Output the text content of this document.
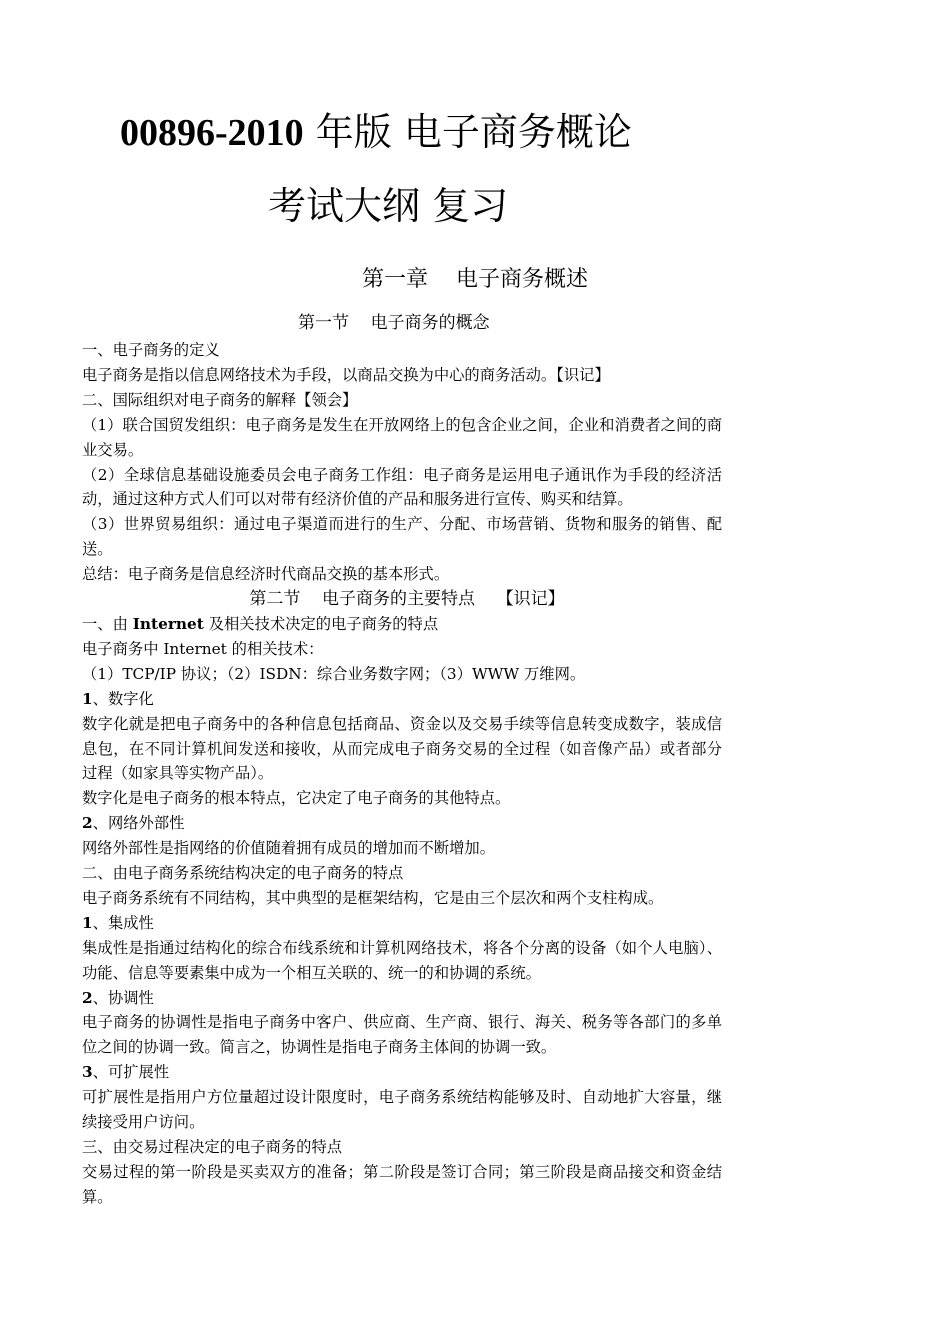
00896-2010 年版 电子商务概论
考试大纲 复习
第一章    电子商务概述
第一节    电子商务的概念

一、电子商务的定义

电子商务是指以信息网络技术为手段，以商品交换为中心的商务活动。【识记】

二、国际组织对电子商务的解释【领会】

（1）联合国贸发组织：电子商务是发生在开放网络上的包含企业之间，企业和消费者之间的商业交易。

（2）全球信息基础设施委员会电子商务工作组：电子商务是运用电子通讯作为手段的经济活动，通过这种方式人们可以对带有经济价值的产品和服务进行宣传、购买和结算。

（3）世界贸易组织：通过电子渠道而进行的生产、分配、市场营销、货物和服务的销售、配送。

总结：电子商务是信息经济时代商品交换的基本形式。

第二节    电子商务的主要特点    【识记】

一、由 Internet 及相关技术决定的电子商务的特点

电子商务中 Internet 的相关技术：

（1）TCP/IP 协议；（2）ISDN：综合业务数字网；（3）WWW 万维网。

1、数字化

数字化就是把电子商务中的各种信息包括商品、资金以及交易手续等信息转变成数字，装成信息包，在不同计算机间发送和接收，从而完成电子商务交易的全过程（如音像产品）或者部分过程（如家具等实物产品）。

数字化是电子商务的根本特点，它决定了电子商务的其他特点。

2、网络外部性

网络外部性是指网络的价值随着拥有成员的增加而不断增加。

二、由电子商务系统结构决定的电子商务的特点

电子商务系统有不同结构，其中典型的是框架结构，它是由三个层次和两个支柱构成。

1、集成性

集成性是指通过结构化的综合布线系统和计算机网络技术，将各个分离的设备（如个人电脑）、功能、信息等要素集中成为一个相互关联的、统一的和协调的系统。

2、协调性

电子商务的协调性是指电子商务中客户、供应商、生产商、银行、海关、税务等各部门的多单位之间的协调一致。简言之，协调性是指电子商务主体间的协调一致。

3、可扩展性

可扩展性是指用户方位量超过设计限度时，电子商务系统结构能够及时、自动地扩大容量，继续接受用户访问。

三、由交易过程决定的电子商务的特点

交易过程的第一阶段是买卖双方的准备；第二阶段是签订合同；第三阶段是商品接交和资金结算。
